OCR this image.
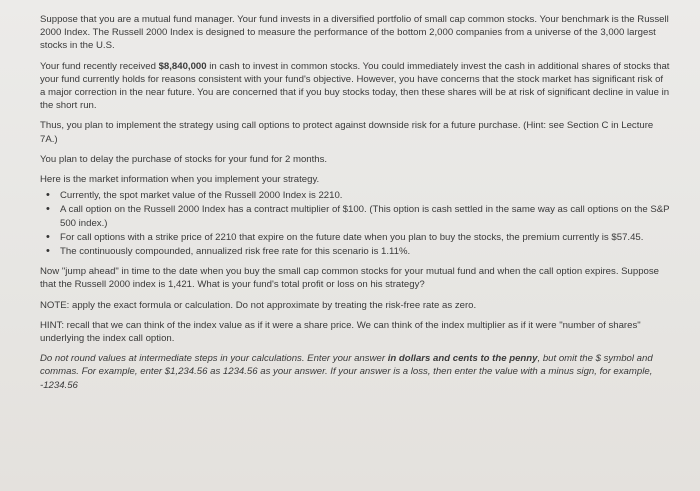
Suppose that you are a mutual fund manager. Your fund invests in a diversified portfolio of small cap common stocks. Your benchmark is the Russell 2000 Index. The Russell 2000 Index is designed to measure the performance of the bottom 2,000 companies from a universe of the 3,000 largest stocks in the U.S.

Your fund recently received $8,840,000 in cash to invest in common stocks. You could immediately invest the cash in additional shares of stocks that your fund currently holds for reasons consistent with your fund's objective. However, you have concerns that the stock market has significant risk of a major correction in the near future. You are concerned that if you buy stocks today, then these shares will be at risk of significant decline in value in the short run.

Thus, you plan to implement the strategy using call options to protect against downside risk for a future purchase. (Hint: see Section C in Lecture 7A.)

You plan to delay the purchase of stocks for your fund for 2 months.

Here is the market information when you implement your strategy.

• Currently, the spot market value of the Russell 2000 Index is 2210.
• A call option on the Russell 2000 Index has a contract multiplier of $100. (This option is cash settled in the same way as call options on the S&P 500 index.)
• For call options with a strike price of 2210 that expire on the future date when you plan to buy the stocks, the premium currently is $57.45.
• The continuously compounded, annualized risk free rate for this scenario is 1.11%.

Now "jump ahead" in time to the date when you buy the small cap common stocks for your mutual fund and when the call option expires. Suppose that the Russell 2000 index is 1,421. What is your fund's total profit or loss on his strategy?

NOTE: apply the exact formula or calculation. Do not approximate by treating the risk-free rate as zero.

HINT: recall that we can think of the index value as if it were a share price. We can think of the index multiplier as if it were "number of shares" underlying the index call option.

Do not round values at intermediate steps in your calculations. Enter your answer in dollars and cents to the penny, but omit the $ symbol and commas. For example, enter $1,234.56 as 1234.56 as your answer. If your answer is a loss, then enter the value with a minus sign, for example, -1234.56
